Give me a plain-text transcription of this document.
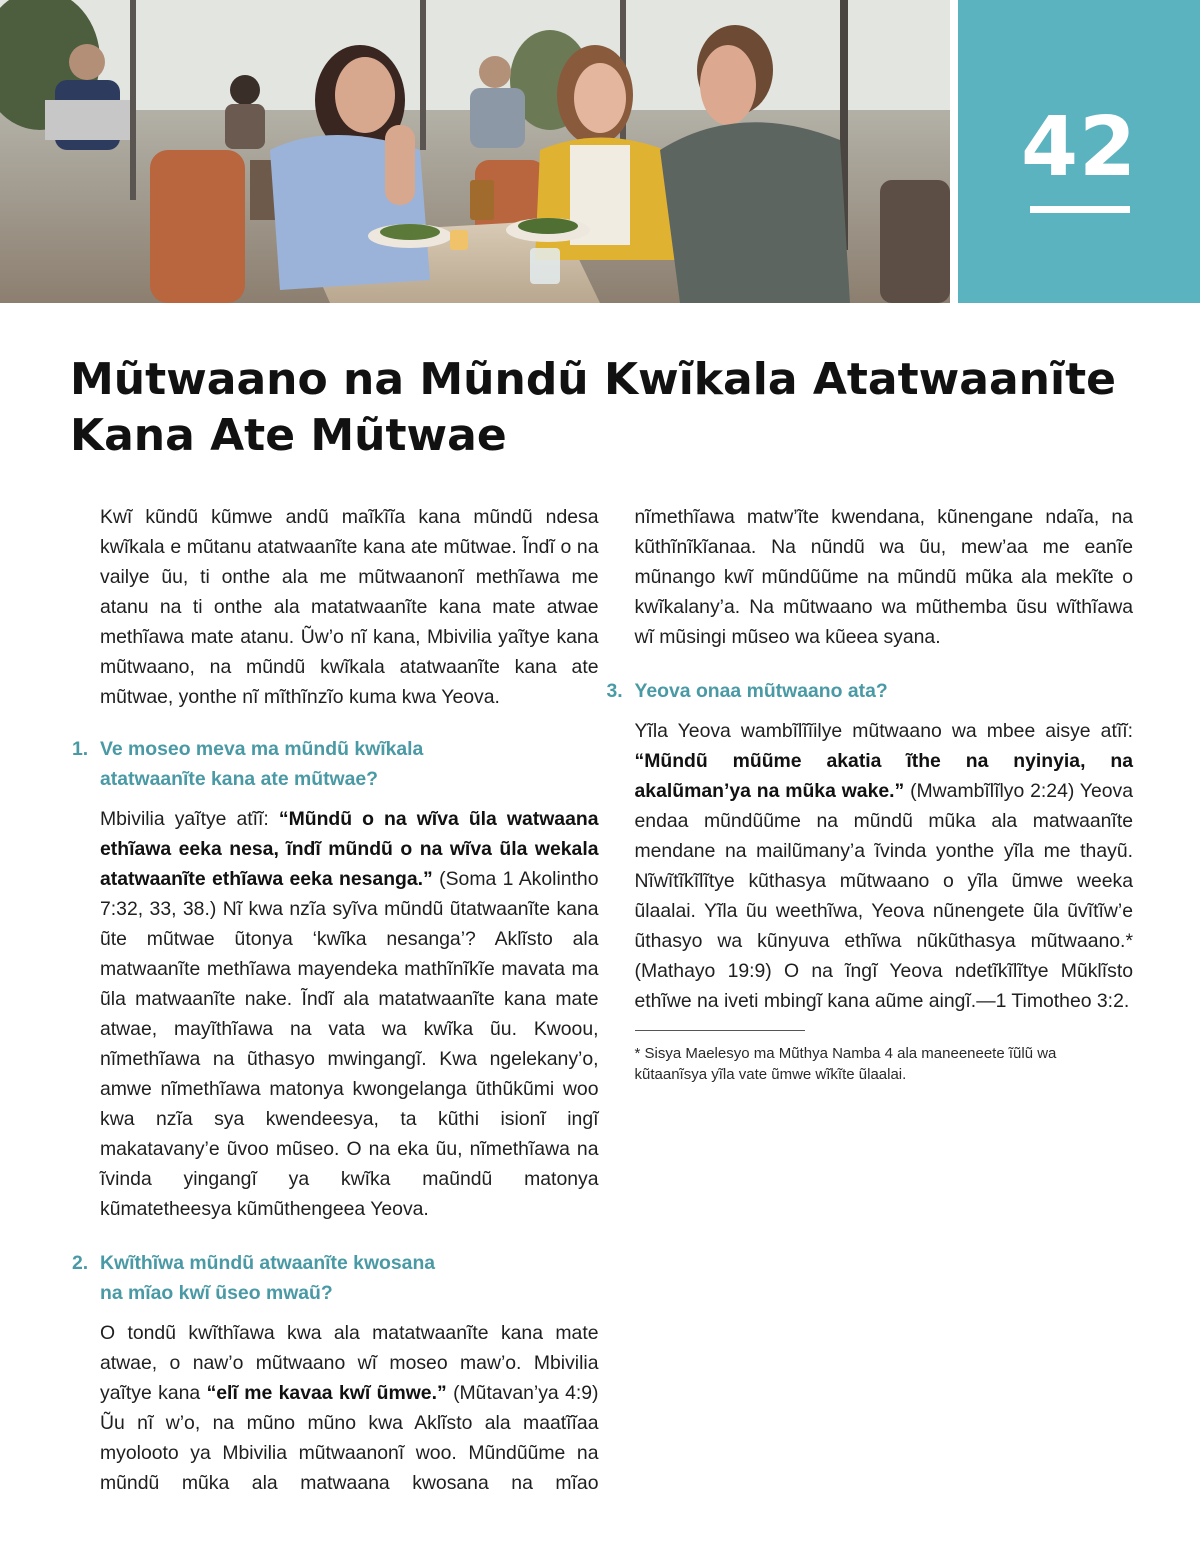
42
Mũtwaano na Mũndũ Kwĩkala Atatwaanĩte
Kana Ate Mũtwae

Kwĩ kũndũ kũmwe andũ maĩkĩĩa kana mũndũ ndesa kwĩkala e mũtanu atatwaanĩte kana ate mũtwae. Ĩndĩ o na vailye ũu, ti onthe ala me mũtwaanonĩ methĩawa me atanu na ti onthe ala matatwaanĩte kana mate atwae methĩawa mate atanu. Ũw’o nĩ kana, Mbivilia yaĩtye kana mũtwaano, na mũndũ kwĩkala atatwaanĩte kana ate mũtwae, yonthe nĩ mĩthĩnzĩo kuma kwa Yeova.

1. Ve moseo meva ma mũndũ kwĩkala
atatwaanĩte kana ate mũtwae?

Mbivilia yaĩtye atĩĩ: “Mũndũ o na wĩva ũla watwaana ethĩawa eeka nesa, ĩndĩ mũndũ o na wĩva ũla wekala atatwaanĩte ethĩawa eeka nesanga.” (Soma 1 Akolintho 7:32, 33, 38.) Nĩ kwa nzĩa syĩva mũndũ ũtatwaanĩte kana ũte mũtwae ũtonya ‘kwĩka nesanga’? Aklĩsto ala matwaanĩte methĩawa mayendeka mathĩnĩkĩe mavata ma ũla matwaanĩte nake. Ĩndĩ ala matatwaanĩte kana mate atwae, mayĩthĩawa na vata wa kwĩka ũu. Kwoou, nĩmethĩawa na ũthasyo mwingangĩ. Kwa ngelekany’o, amwe nĩmethĩawa matonya kwongelanga ũthũkũmi woo kwa nzĩa sya kwendeesya, ta kũthi isionĩ ingĩ makatavany’e ũvoo mũseo. O na eka ũu, nĩmethĩawa na ĩvinda yingangĩ ya kwĩka maũndũ matonya kũmatetheesya kũmũthengeea Yeova.

2. Kwĩthĩwa mũndũ atwaanĩte kwosana
na mĩao kwĩ ũseo mwaũ?

O tondũ kwĩthĩawa kwa ala matatwaanĩte kana mate atwae, o naw’o mũtwaano wĩ moseo maw’o. Mbivilia yaĩtye kana “elĩ me kavaa kwĩ ũmwe.” (Mũtavan’ya 4:9) Ũu nĩ w’o, na mũno mũno kwa Aklĩsto ala maatĩĩaa myolooto ya Mbivilia mũtwaanonĩ woo. Mũndũũme na mũndũ mũka ala matwaana kwosana na mĩao nĩmethĩawa matw’ĩte kwendana, kũnengane ndaĩa, na kũthĩnĩkĩanaa. Na nũndũ wa ũu, mew’aa me eanĩe mũnango kwĩ mũndũũme na mũndũ mũka ala mekĩte o kwĩkalany’a. Na mũtwaano wa mũthemba ũsu wĩthĩawa wĩ mũsingi mũseo wa kũeea syana.

3. Yeova onaa mũtwaano ata?

Yĩla Yeova wambĩlĩĩilye mũtwaano wa mbee aisye atĩĩ: “Mũndũ mũũme akatia ĩthe na nyinyia, na akalũman’ya na mũka wake.” (Mwambĩlĩlyo 2:24) Yeova endaa mũndũũme na mũndũ mũka ala matwaanĩte mendane na mailũmany’a ĩvinda yonthe yĩla me thayũ. Nĩwĩtĩkĩlĩtye kũthasya mũtwaano o yĩla ũmwe weeka ũlaalai. Yĩla ũu weethĩwa, Yeova nũnengete ũla ũvĩtĩw’e ũthasyo wa kũnyuva ethĩwa nũkũthasya mũtwaano.* (Mathayo 19:9) O na ĩngĩ Yeova ndetĩkĩlĩtye Mũklĩsto ethĩwe na iveti mbingĩ kana aũme aingĩ.—1 Timotheo 3:2.

* Sisya Maelesyo ma Mũthya Namba 4 ala maneeneete ĩũlũ wa kũtaanĩsya yĩla vate ũmwe wĩkĩte ũlaalai.
